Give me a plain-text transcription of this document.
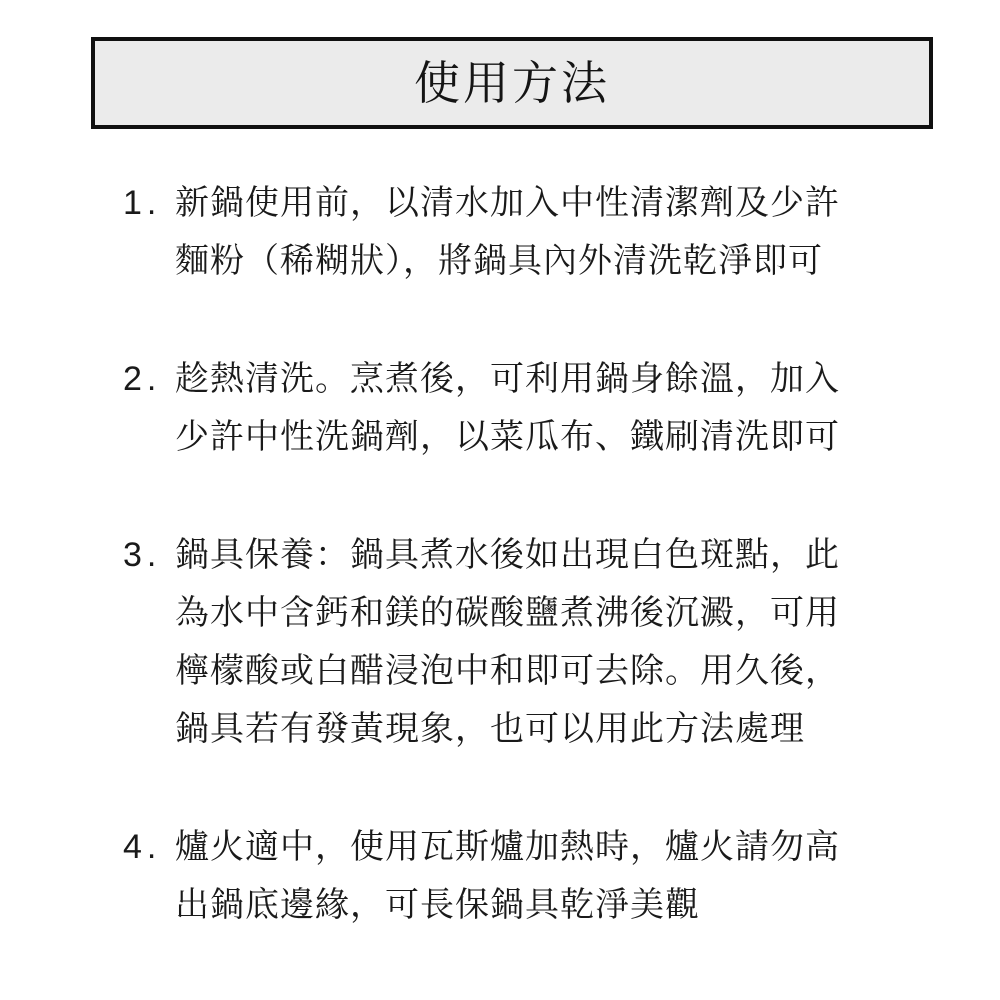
使用方法
1. 新鍋使用前，以清水加入中性清潔劑及少許
麵粉（稀糊狀），將鍋具內外清洗乾淨即可
2. 趁熱清洗。烹煮後，可利用鍋身餘溫，加入
少許中性洗鍋劑，以菜瓜布、鐵刷清洗即可
3. 鍋具保養：鍋具煮水後如出現白色斑點，此
為水中含鈣和鎂的碳酸鹽煮沸後沉澱，可用
檸檬酸或白醋浸泡中和即可去除。用久後，
鍋具若有發黃現象，也可以用此方法處理
4. 爐火適中，使用瓦斯爐加熱時，爐火請勿高
出鍋底邊緣，可長保鍋具乾淨美觀
